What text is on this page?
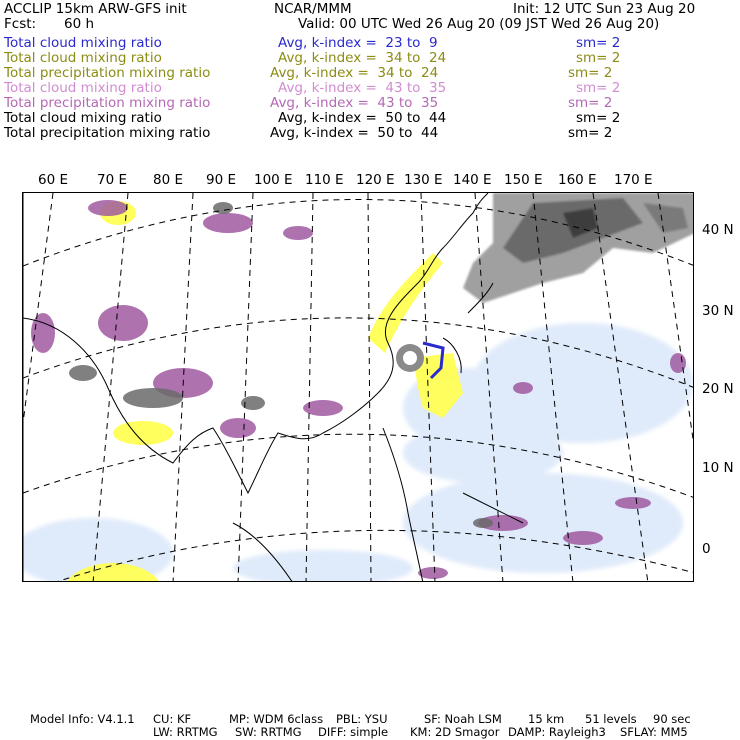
ACCLIP 15km ARW-GFS init	NCAR/MMM	Init: 12 UTC Sun 23 Aug 20
Fcst: 60 h	Valid: 00 UTC Wed 26 Aug 20 (09 JST Wed 26 Aug 20)
Total cloud mixing ratio	Avg, k-index =  23 to  9	sm= 2
Total cloud mixing ratio	Avg, k-index =  34 to  24	sm= 2
Total precipitation mixing ratio	Avg, k-index =  34 to  24	sm= 2
Total cloud mixing ratio	Avg, k-index =  43 to  35	sm= 2
Total precipitation mixing ratio	Avg, k-index =  43 to  35	sm= 2
Total cloud mixing ratio	Avg, k-index =  50 to  44	sm= 2
Total precipitation mixing ratio	Avg, k-index =  50 to  44	sm= 2
60 E 70 E 80 E 90 E 100 E 110 E 120 E 130 E 140 E 150 E 160 E 170 E
40 N
30 N
20 N
10 N
0
Model Info: V4.1.1 CU: KF	MP: WDM 6class PBL: YSU	SF: Noah LSM 15 km 51 levels 90 sec
LW: RRTMG SW: RRTMG DIFF: simple KM: 2D Smagor DAMP: Rayleigh3 SFLAY: MM5
